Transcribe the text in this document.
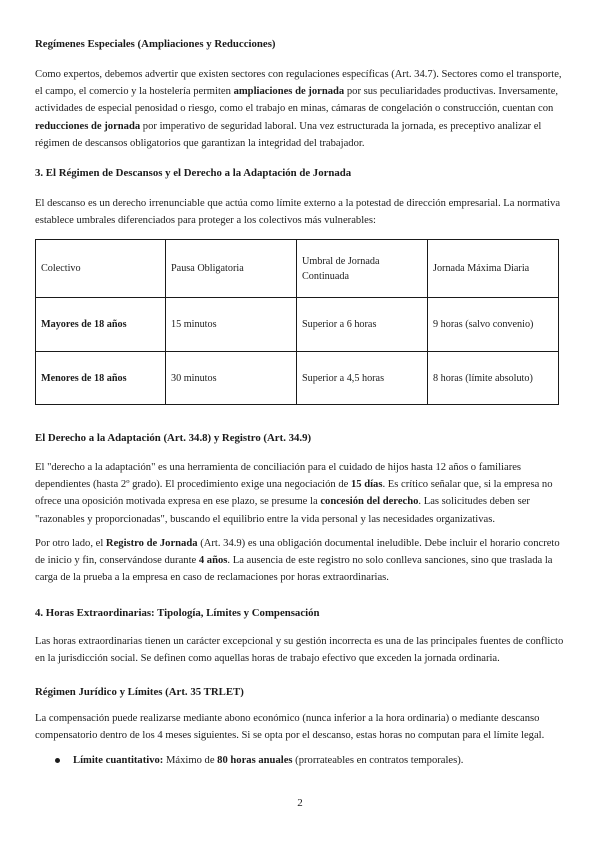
Regímenes Especiales (Ampliaciones y Reducciones)
Como expertos, debemos advertir que existen sectores con regulaciones específicas (Art. 34.7). Sectores como el transporte, el campo, el comercio y la hostelería permiten ampliaciones de jornada por sus peculiaridades productivas. Inversamente, actividades de especial penosidad o riesgo, como el trabajo en minas, cámaras de congelación o construcción, cuentan con reducciones de jornada por imperativo de seguridad laboral. Una vez estructurada la jornada, es preceptivo analizar el régimen de descansos obligatorios que garantizan la integridad del trabajador.
3. El Régimen de Descansos y el Derecho a la Adaptación de Jornada
El descanso es un derecho irrenunciable que actúa como límite externo a la potestad de dirección empresarial. La normativa establece umbrales diferenciados para proteger a los colectivos más vulnerables:
Colectivo	Pausa Obligatoria	Umbral de Jornada Continuada	Jornada Máxima Diaria
Mayores de 18 años	15 minutos	Superior a 6 horas	9 horas (salvo convenio)
Menores de 18 años	30 minutos	Superior a 4,5 horas	8 horas (límite absoluto)
El Derecho a la Adaptación (Art. 34.8) y Registro (Art. 34.9)
El "derecho a la adaptación" es una herramienta de conciliación para el cuidado de hijos hasta 12 años o familiares dependientes (hasta 2º grado). El procedimiento exige una negociación de 15 días. Es crítico señalar que, si la empresa no ofrece una oposición motivada expresa en ese plazo, se presume la concesión del derecho. Las solicitudes deben ser "razonables y proporcionadas", buscando el equilibrio entre la vida personal y las necesidades organizativas.
Por otro lado, el Registro de Jornada (Art. 34.9) es una obligación documental ineludible. Debe incluir el horario concreto de inicio y fin, conservándose durante 4 años. La ausencia de este registro no solo conlleva sanciones, sino que traslada la carga de la prueba a la empresa en caso de reclamaciones por horas extraordinarias.
4. Horas Extraordinarias: Tipología, Límites y Compensación
Las horas extraordinarias tienen un carácter excepcional y su gestión incorrecta es una de las principales fuentes de conflicto en la jurisdicción social. Se definen como aquellas horas de trabajo efectivo que exceden la jornada ordinaria.
Régimen Jurídico y Límites (Art. 35 TRLET)
La compensación puede realizarse mediante abono económico (nunca inferior a la hora ordinaria) o mediante descanso compensatorio dentro de los 4 meses siguientes. Si se opta por el descanso, estas horas no computan para el límite legal.
Límite cuantitativo: Máximo de 80 horas anuales (prorrateables en contratos temporales).
2
